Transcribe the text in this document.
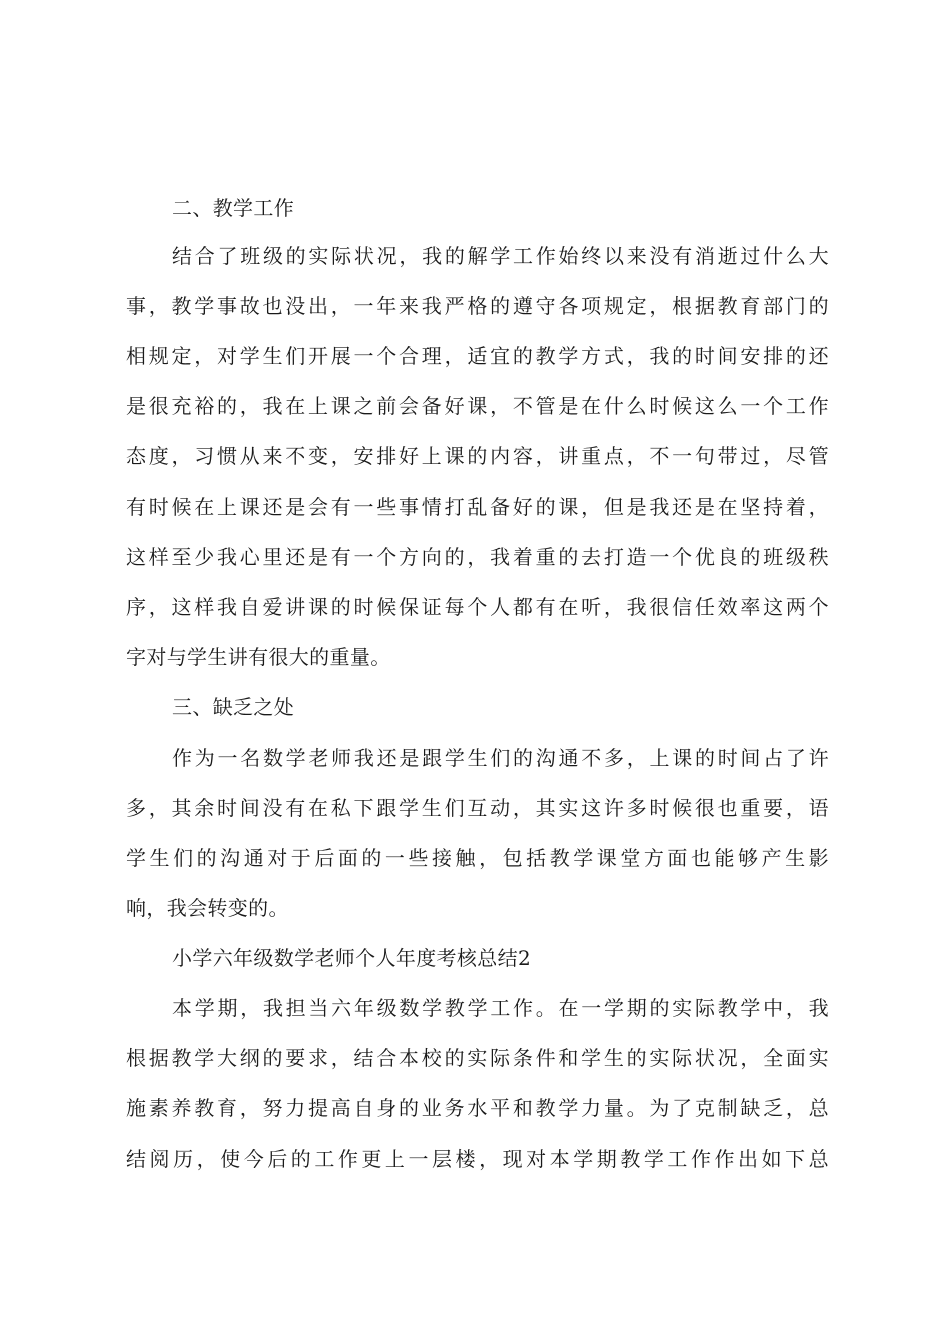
二、教学工作
结合了班级的实际状况，我的解学工作始终以来没有消逝过什么大
事，教学事故也没出，一年来我严格的遵守各项规定，根据教育部门的
相规定，对学生们开展一个合理，适宜的教学方式，我的时间安排的还
是很充裕的，我在上课之前会备好课，不管是在什么时候这么一个工作
态度，习惯从来不变，安排好上课的内容，讲重点，不一句带过，尽管
有时候在上课还是会有一些事情打乱备好的课，但是我还是在坚持着，
这样至少我心里还是有一个方向的，我着重的去打造一个优良的班级秩
序，这样我自爱讲课的时候保证每个人都有在听，我很信任效率这两个
字对与学生讲有很大的重量。
三、缺乏之处
作为一名数学老师我还是跟学生们的沟通不多，上课的时间占了许
多，其余时间没有在私下跟学生们互动，其实这许多时候很也重要，语
学生们的沟通对于后面的一些接触，包括教学课堂方面也能够产生影
响，我会转变的。
小学六年级数学老师个人年度考核总结2
本学期，我担当六年级数学教学工作。在一学期的实际教学中，我
根据教学大纲的要求，结合本校的实际条件和学生的实际状况，全面实
施素养教育，努力提高自身的业务水平和教学力量。为了克制缺乏，总
结阅历，使今后的工作更上一层楼，现对本学期教学工作作出如下总
